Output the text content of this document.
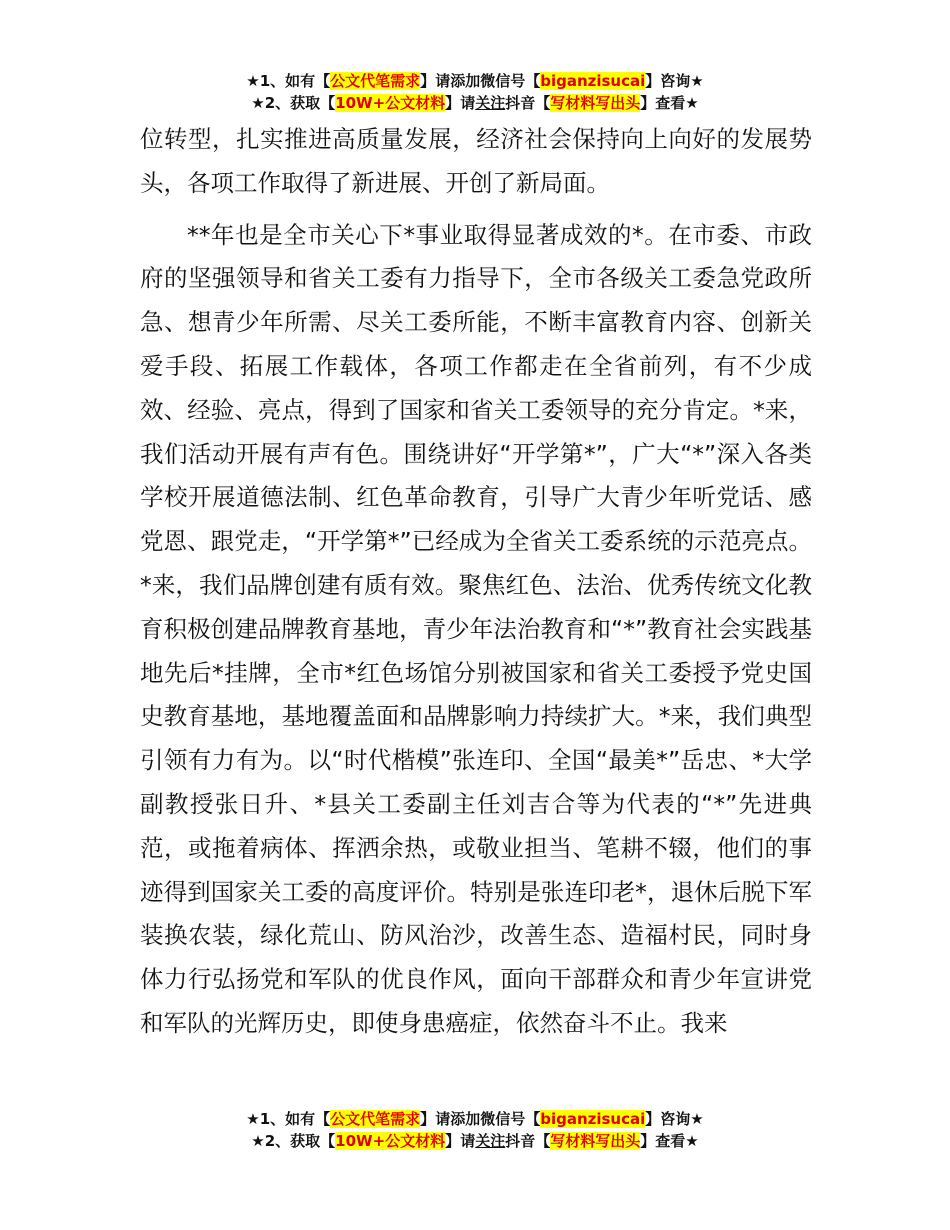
★1、如有【公文代笔需求】请添加微信号【biganzisucai】咨询★
★2、获取【10W+公文材料】请关注抖音【写材料写出头】查看★

位转型，扎实推进高质量发展，经济社会保持向上向好的发展势头，各项工作取得了新进展、开创了新局面。

**年也是全市关心下*事业取得显著成效的*。在市委、市政府的坚强领导和省关工委有力指导下，全市各级关工委急党政所急、想青少年所需、尽关工委所能，不断丰富教育内容、创新关爱手段、拓展工作载体，各项工作都走在全省前列，有不少成效、经验、亮点，得到了国家和省关工委领导的充分肯定。*来，我们活动开展有声有色。围绕讲好“开学第*”，广大“*”深入各类学校开展道德法制、红色革命教育，引导广大青少年听党话、感党恩、跟党走，“开学第*”已经成为全省关工委系统的示范亮点。*来，我们品牌创建有质有效。聚焦红色、法治、优秀传统文化教育积极创建品牌教育基地，青少年法治教育和“*”教育社会实践基地先后*挂牌，全市*红色场馆分别被国家和省关工委授予党史国史教育基地，基地覆盖面和品牌影响力持续扩大。*来，我们典型引领有力有为。以“时代楷模”张连印、全国“最美*”岳忠、*大学副教授张日升、*县关工委副主任刘吉合等为代表的“*”先进典范，或拖着病体、挥洒余热，或敬业担当、笔耕不辍，他们的事迹得到国家关工委的高度评价。特别是张连印老*，退休后脱下军装换农装，绿化荒山、防风治沙，改善生态、造福村民，同时身体力行弘扬党和军队的优良作风，面向干部群众和青少年宣讲党和军队的光辉历史，即使身患癌症，依然奋斗不止。我来

★1、如有【公文代笔需求】请添加微信号【biganzisucai】咨询★
★2、获取【10W+公文材料】请关注抖音【写材料写出头】查看★
